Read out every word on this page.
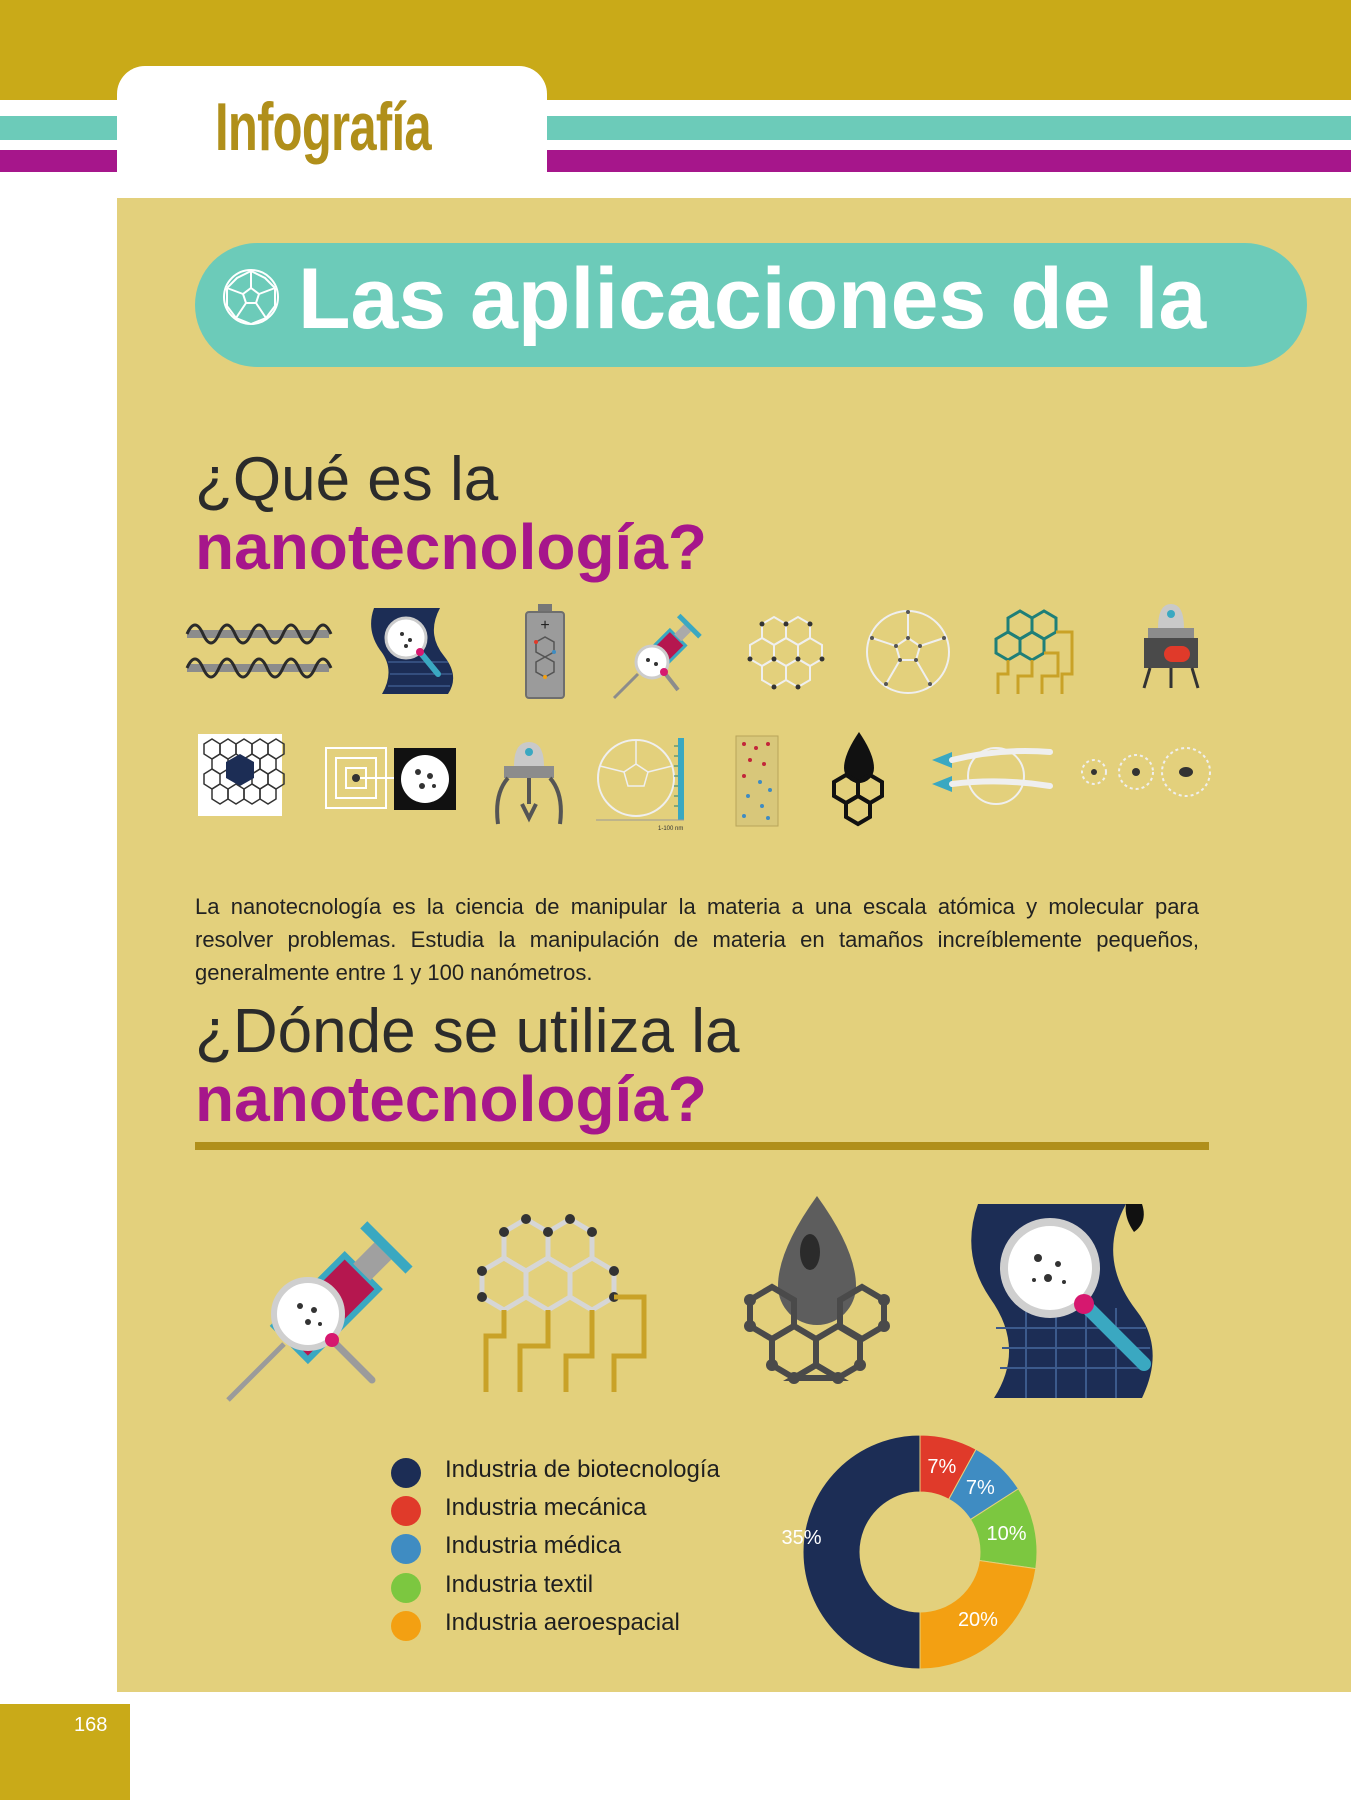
Infografía
Las aplicaciones de la
¿Qué es la
nanotecnología?
+
1-100 nm

La nanotecnología es la ciencia de manipular la materia a una escala atómica y molecular para resolver problemas. Estudia la manipulación de materia en tamaños increíblemente pequeños, generalmente entre 1 y 100 nanómetros.

¿Dónde se utiliza la
nanotecnología?
Industria de biotecnología
Industria mecánica
Industria médica
Industria textil
Industria aeroespacial
35%
7%
7%
10%
20%
168
